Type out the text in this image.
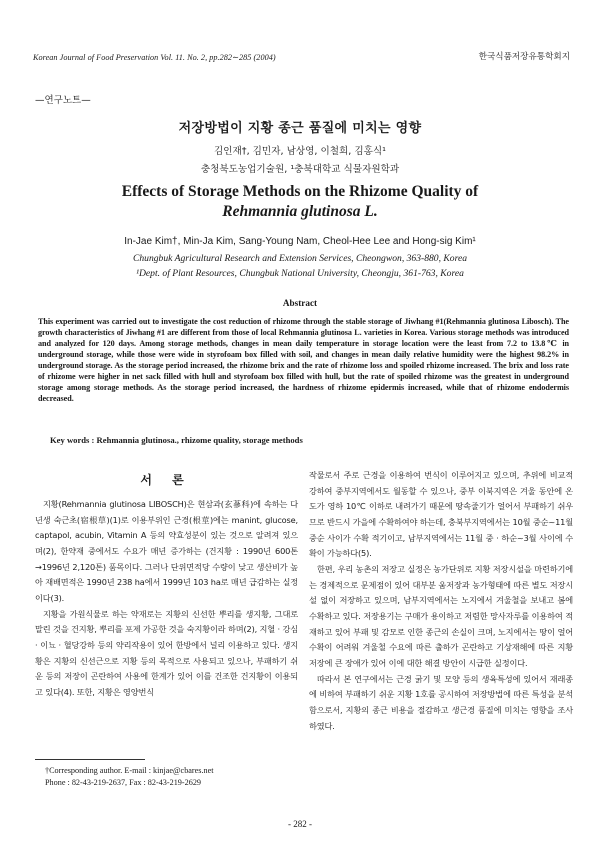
Korean Journal of Food Preservation Vol. 11. No. 2, pp.282∼285 (2004)	한국식품저장유통학회지
—연구노트—
저장방법이 지황 종근 품질에 미치는 영향
김인재†, 김민자, 남상영, 이철희, 김홍식¹
충청북도농업기술원, ¹충북대학교 식물자원학과
Effects of Storage Methods on the Rhizome Quality of
Rehmannia glutinosa L.
In-Jae Kim†, Min-Ja Kim, Sang-Young Nam, Cheol-Hee Lee and Hong-sig Kim¹
Chungbuk Agricultural Research and Extension Services, Cheongwon, 363-880, Korea
¹Dept. of Plant Resources, Chungbuk National University, Cheongju, 361-763, Korea
Abstract
This experiment was carried out to investigate the cost reduction of rhizome through the stable storage of Jiwhang #1(Rehmannia glutinosa Libosch). The growth characteristics of Jiwhang #1 are different from those of local Rehmannia glutinosa L. varieties in Korea. Various storage methods was introduced and analyzed for 120 days. Among storage methods, changes in mean daily temperature in storage location were the least from 7.2 to 13.8℃ in underground storage, while those were wide in styrofoam box filled with soil, and changes in mean daily relative humidity were the highest 98.2% in underground storage. As the storage period increased, the rhizome brix and the rate of rhizome loss and spoiled rhizome increased. The brix and loss rate of rhizome were higher in net sack filled with hull and styrofoam box filled with hull, but the rate of spoiled rhizome was the greatest in underground storage among storage methods. As the storage period increased, the hardness of rhizome epidermis increased, while that of rhizome endodermis decreased.
Key words : Rehmannia glutinosa., rhizome quality, storage methods
서 론

지황(Rehmannia glutinosa LIBOSCH)은 현삼과(玄蔘科)에 속하는 다년생 숙근초(宿根草)(1)로 이용부위인 근경(根莖)에는 manint, glucose, captapol, acubin, Vitamin A 등의 약효성분이 있는 것으로 알려져 있으며(2), 한약재 중에서도 수요가 매년 증가하는 (건지황 : 1990년 600톤→1996년 2,120톤) 품목이다. 그러나 단위면적당 수량이 낮고 생산비가 높아 재배면적은 1990년 238 ha에서 1999년 103 ha로 매년 급감하는 실정이다(3).

지황을 가원식물로 하는 약재로는 지황의 신선한 뿌리를 생지황, 그대로 말린 것을 건지황, 뿌리를 포제 가공한 것을 숙지황이라 하며(2), 지혈 · 강심 · 이뇨 · 혈당강하 등의 약리작용이 있어 한방에서 널리 이용하고 있다. 생지황은 지황의 신선근으로 지황 등의 목적으로 사용되고 있으나, 부패하기 쉬운 등의 저장이 곤란하여 사용에 한계가 있어 이를 건조한 건지황이 이용되고 있다(4). 또한, 지황은 영양번식

작물로서 주로 근경을 이용하여 번식이 이루어지고 있으며, 추위에 비교적 강하여 중부지역에서도 월동할 수 있으나, 중부 이북지역은 겨울 동안에 온도가 영하 10℃ 이하로 내려가기 때문에 땅속줄기가 얼어서 부패하기 쉬우므로 반드시 가을에 수확하여야 하는데, 충북부지역에서는 10월 중순~11월 중순 사이가 수확 적기이고, 남부지역에서는 11월 중 · 하순~3월 사이에 수확이 가능하다(5).

한편, 우리 농촌의 저장고 실정은 농가단위로 지황 저장시설을 마련하기에는 경제적으로 문제점이 있어 대부분 움저장과 농가형태에 따른 별도 저장시설 없이 저장하고 있으며, 남부지역에서는 노지에서 겨울철을 보내고 봄에 수확하고 있다. 저장용기는 구매가 용이하고 저렴한 망사자루를 이용하여 적재하고 있어 부패 및 감모로 인한 종근의 손실이 크며, 노지에서는 땅이 얼어 수확이 어려워 겨울철 수요에 따른 출하가 곤란하고 기상재해에 따른 지황 저장에 큰 장애가 있어 이에 대한 해결 방안이 시급한 실정이다.

따라서 본 연구에서는 근경 굵기 및 모양 등의 생육특성에 있어서 재래종에 비하여 부패하기 쉬운 지황 1호를 공시하여 저장방법에 따른 특성을 분석함으로서, 지황의 종근 비용을 절감하고 생근경 품질에 미치는 영향을 조사하였다.

†Corresponding author. E-mail : kinjae@cbares.net
Phone : 82-43-219-2637, Fax : 82-43-219-2629
- 282 -
